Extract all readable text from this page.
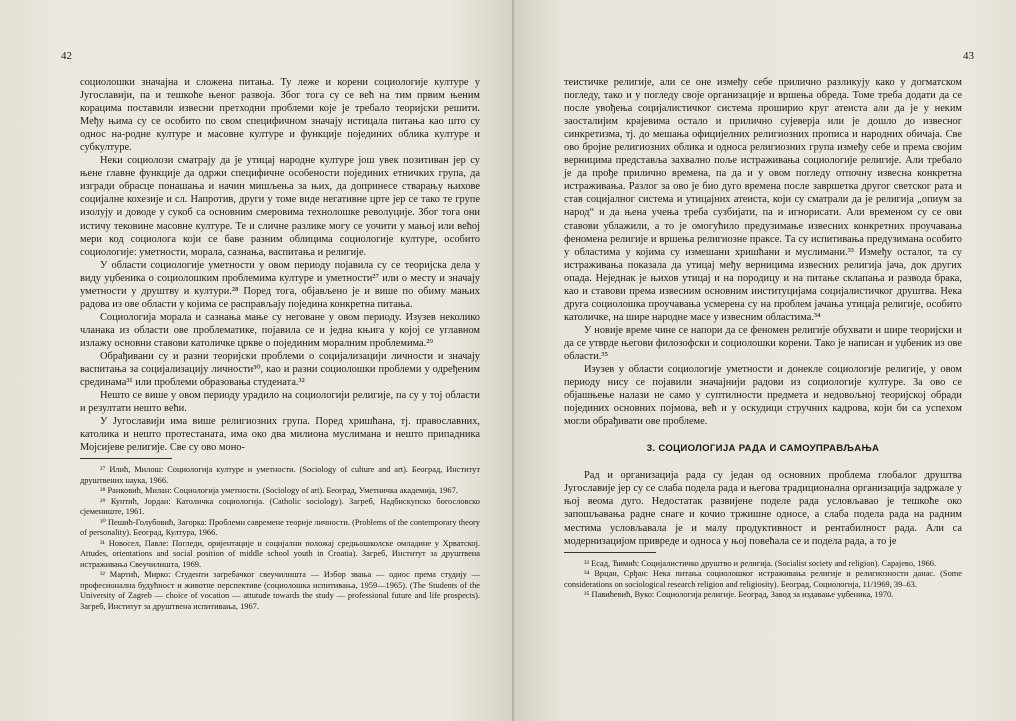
42

социолошки значајна и сложена питања. Ту леже и корени социологије културе у Југославији, па и тешкоће њеног развоја. Због тога су се већ на тим првим њеним корацима поставили извесни претходни проблеми које је требало теоријски решити. Међу њима су се особито по свом специфичном значају истицала питања као што су однос на-родне културе и масовне културе и функције појединих облика културе и субкултуре.

Неки социолози сматрају да је утицај народне културе још увек позитиван јер су њене главне функције да одржи специфичне особености појединих етничких група, да изгради обрасце понашања и начин мишљења за њих, да допринесе стварању њихове социјалне кохезије и сл. Напротив, други у томе виде негативне црте јер се тако те групе изолују и доводе у сукоб са основним смеровима технолошке револуције. Због тога они истичу тековине масовне културе. Те и сличне разлике могу се уочити у мањој или већој мери код социолога који се баве разним облицима социологије културе, особито социологије: уметности, морала, сазнања, васпитања и религије.

У области социологије уметности у овом периоду појавила су се теоријска дела у виду уџбеника о социолошким проблемима културе и уметности²⁷ или о месту и значају уметности у друштву и култури.²⁸ Поред тога, објављено је и више по обиму мањих радова из ове области у којима се расправљају поједина конкретна питања.

Социологија морала и сазнања мање су неговане у овом периоду. Изузев неколико чланака из области ове проблематике, појавила се и једна књига у којој се углавном излажу основни ставови католичке цркве о појединим моралним проблемима.²⁹

Обрађивани су и разни теоријски проблеми о социјализацији личности и значају васпитања за социјализацију личности³⁰, као и разни социолошки проблеми у одређеним срединама³¹ или проблеми образовања студената.³²

Нешто се више у овом периоду урадило на социологији религије, па су у тој области и резултати нешто већи.

У Југославији има више религиозних група. Поред хришћана, тј. православних, католика и нешто протестаната, има око два милиона муслимана и нешто припадника Мојсијеве религије. Све су ово моно-

²⁷ Илић, Милош: Социологија културе и уметности. (Sociology of culture and art). Београд, Институт друштвених наука, 1966.

²⁸ Ранковић, Милан: Социологија уметности. (Sociology of art). Београд, Уметничка академија, 1967.

²⁹ Кунтић, Јордан: Католичка социологија. (Catholic sociology). Загреб, Надбискупско богословско сјемениште, 1961.

³⁰ Пешић-Голубовић, Загорка: Проблеми савремене теорије личности. (Problems of the contemporary theory of personality). Београд, Култура, 1966.

³¹ Новосел, Павле: Погледи, оријентације и социјални положај средњошколске омладине у Хрватској. Attudes, orientations and social position of middle school youth in Croatia). Загреб, Институт за друштвена истраживања Свеучилишта, 1969.

³² Мартић, Мирко: Студенти загребачког свеучилишта — Избор звања — однос према студију — професионална будућност и животне перспективе (социолошка испитивања, 1959—1965). (The Students of the University of Zagreb — choice of vocation — attutude towards the study — professional future and life prospects). Загреб, Институт за друштвена испитивања, 1967.

43

теистичке религије, али се оне између себе прилично разликују како у догматском погледу, тако и у погледу своје организације и вршења обреда. Томе треба додати да се после увођења социјалистичког система проширио круг атеиста али да је у неким заосталијим крајевима остало и прилично сујеверја или је дошло до извесног синкретизма, тј. до мешања официјелних религиозних прописа и народних обичаја. Све ово бројне религиозних облика и односа религиозних група између себе и према својим верницима представља захвално поље истраживања социологије религије. Али требало је да прође прилично времена, па да и у овом погледу отпочну извесна конкретна истраживања. Разлог за ово је био дуго времена после завршетка другог светског рата и став социјалног система и утицајних атеиста, који су сматрали да је религија „опиум за народ“ и да њена учења треба сузбијати, па и игнорисати. Али временом су се ови ставови ублажили, а то је омогућило предузимање извесних конкретних проучавања феномена религије и вршења религиозне праксе. Та су испитивања предузимана особито у областима у којима су измешани хришћани и муслимани.³³ Између осталог, та су истраживања показала да утицај међу верницима извесних религија јача, док других опада. Неједнак је њихов утицај и на породицу и на питање склапања и развода брака, као и ставови према извесним основним институцијама социјалистичког друштва. Нека друга социолошка проучавања усмерена су на проблем јачања утицаја религије, особито католичке, на шире народне масе у извесним областима.³⁴

У новије време чине се напори да се феномен религије обухвати и шире теоријски и да се утврде његови филозофски и социолошки корени. Тако је написан и уџбеник из ове области.³⁵

Изузев у области социологије уметности и донекле социологије религије, у овом периоду нису се појавили значајнији радови из социологије културе. За ово се објашњење налази не само у суптилности предмета и недовољној теоријској обради појединих основних појмова, већ и у оскудици стручних кадрова, који би са успехом могли обрађивати ове проблеме.

3. СОЦИОЛОГИЈА РАДА И САМОУПРАВЉАЊА

Рад и организација рада су један од основних проблема глобалог друштва Југославије јер су се слаба подела рада и његова традиционална организација задржале у њој веома дуго. Недостатак развијене поделе рада условљавао је тешкоће око запошљавања радне снаге и кочио тржишне односе, а слаба подела рада на радним местима условљавала је и малу продуктивност и рентабилност рада. Али са модернизацијом привреде и односа у њој повећала се и подела рада, а то је

³³ Есад, Ћимић: Социјалистичко друштво и религија. (Socialist society and religion). Сарајево, 1966.

³⁴ Врцан, Срђан: Нека питања социолошког истраживања религије и религиозности данас. (Some considerations on sociological research religion and religiosity). Београд, Социологија, 11/1969, 39–63.

³⁵ Павићевић, Вуко: Социологија религије. Београд, Завод за издавање уџбеника, 1970.
